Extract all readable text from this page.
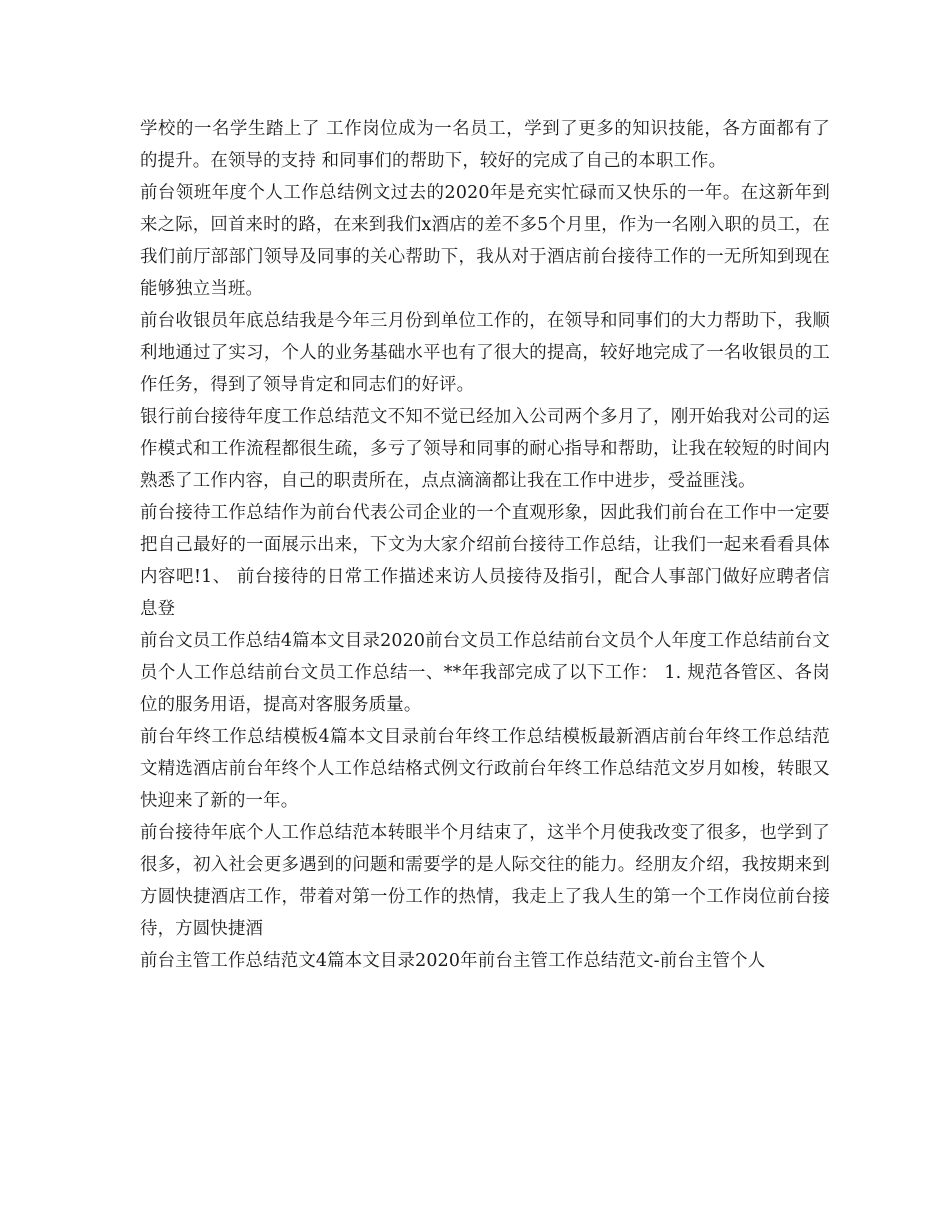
学校的一名学生踏上了 工作岗位成为一名员工，学到了更多的知识技能，各方面都有了的提升。在领导的支持 和同事们的帮助下，较好的完成了自己的本职工作。

前台领班年度个人工作总结例文过去的2020年是充实忙碌而又快乐的一年。在这新年到来之际，回首来时的路，在来到我们x酒店的差不多5个月里，作为一名刚入职的员工，在我们前厅部部门领导及同事的关心帮助下，我从对于酒店前台接待工作的一无所知到现在能够独立当班。

前台收银员年底总结我是今年三月份到单位工作的，在领导和同事们的大力帮助下，我顺利地通过了实习，个人的业务基础水平也有了很大的提高，较好地完成了一名收银员的工作任务，得到了领导肯定和同志们的好评。

银行前台接待年度工作总结范文不知不觉已经加入公司两个多月了，刚开始我对公司的运作模式和工作流程都很生疏，多亏了领导和同事的耐心指导和帮助，让我在较短的时间内熟悉了工作内容，自己的职责所在，点点滴滴都让我在工作中进步，受益匪浅。

前台接待工作总结作为前台代表公司企业的一个直观形象，因此我们前台在工作中一定要把自己最好的一面展示出来，下文为大家介绍前台接待工作总结，让我们一起来看看具体内容吧!1、 前台接待的日常工作描述来访人员接待及指引，配合人事部门做好应聘者信息登

前台文员工作总结4篇本文目录2020前台文员工作总结前台文员个人年度工作总结前台文员个人工作总结前台文员工作总结一、**年我部完成了以下工作： 1. 规范各管区、各岗位的服务用语，提高对客服务质量。

前台年终工作总结模板4篇本文目录前台年终工作总结模板最新酒店前台年终工作总结范文精选酒店前台年终个人工作总结格式例文行政前台年终工作总结范文岁月如梭，转眼又快迎来了新的一年。

前台接待年底个人工作总结范本转眼半个月结束了，这半个月使我改变了很多，也学到了很多，初入社会更多遇到的问题和需要学的是人际交往的能力。经朋友介绍，我按期来到方圆快捷酒店工作，带着对第一份工作的热情，我走上了我人生的第一个工作岗位前台接待，方圆快捷酒

前台主管工作总结范文4篇本文目录2020年前台主管工作总结范文-前台主管个人
